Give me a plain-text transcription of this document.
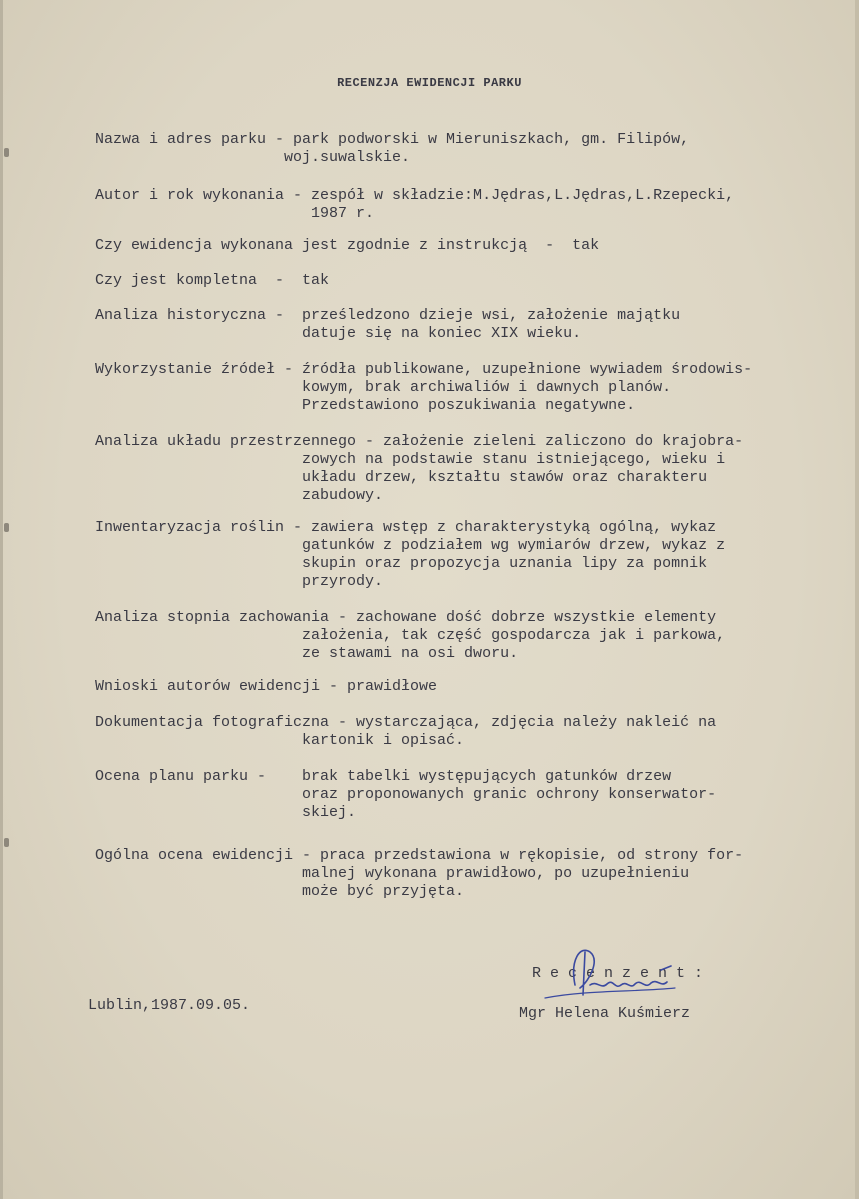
RECENZJA EWIDENCJI PARKU
Nazwa i adres parku - park podworski w Mieruniszkach, gm. Filipów,
woj.suwalskie.
Autor i rok wykonania - zespół w składzie:M.Jędras,L.Jędras,L.Rzepecki,
1987 r.
Czy ewidencja wykonana jest zgodnie z instrukcją  -  tak
Czy jest kompletna  -  tak
Analiza historyczna -  prześledzono dzieje wsi, założenie majątku
datuje się na koniec XIX wieku.
Wykorzystanie źródeł - źródła publikowane, uzupełnione wywiadem środowis-
kowym, brak archiwaliów i dawnych planów.
Przedstawiono poszukiwania negatywne.
Analiza układu przestrzennego - założenie zieleni zaliczono do krajobra-
zowych na podstawie stanu istniejącego, wieku i
układu drzew, kształtu stawów oraz charakteru
zabudowy.
Inwentaryzacja roślin - zawiera wstęp z charakterystyką ogólną, wykaz
gatunków z podziałem wg wymiarów drzew, wykaz z
skupin oraz propozycja uznania lipy za pomnik
przyrody.
Analiza stopnia zachowania - zachowane dość dobrze wszystkie elementy
założenia, tak część gospodarcza jak i parkowa,
ze stawami na osi dworu.
Wnioski autorów ewidencji - prawidłowe
Dokumentacja fotograficzna - wystarczająca, zdjęcia należy nakleić na
kartonik i opisać.
Ocena planu parku -    brak tabelki występujących gatunków drzew
oraz proponowanych granic ochrony konserwator-
skiej.
Ogólna ocena ewidencji - praca przedstawiona w rękopisie, od strony for-
malnej wykonana prawidłowo, po uzupełnieniu
może być przyjęta.
Lublin,1987.09.05.
R e c e n z e n t :
Mgr Helena Kuśmierz
